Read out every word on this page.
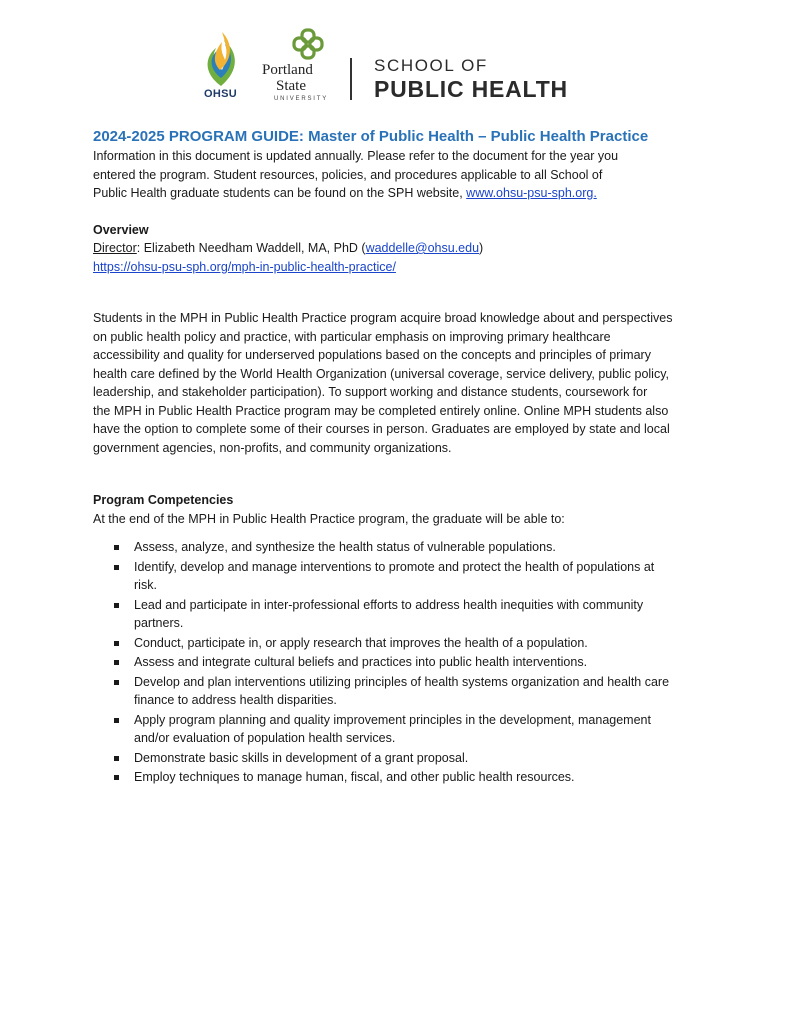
OHSU
Portland
State
UNIVERSITY
SCHOOL OF
PUBLIC HEALTH

2024-2025 PROGRAM GUIDE: Master of Public Health – Public Health Practice

Information in this document is updated annually. Please refer to the document for the year you

entered the program. Student resources, policies, and procedures applicable to all School of

Public Health graduate students can be found on the SPH website, www.ohsu-psu-sph.org.

Overview

Director: Elizabeth Needham Waddell, MA, PhD (waddelle@ohsu.edu)

https://ohsu-psu-sph.org/mph-in-public-health-practice/

Students in the MPH in Public Health Practice program acquire broad knowledge about and perspectives

on public health policy and practice, with particular emphasis on improving primary healthcare

accessibility and quality for underserved populations based on the concepts and principles of primary

health care defined by the World Health Organization (universal coverage, service delivery, public policy,

leadership, and stakeholder participation). To support working and distance students, coursework for

the MPH in Public Health Practice program may be completed entirely online. Online MPH students also

have the option to complete some of their courses in person. Graduates are employed by state and local

government agencies, non-profits, and community organizations.

Program Competencies

At the end of the MPH in Public Health Practice program, the graduate will be able to:

Assess, analyze, and synthesize the health status of vulnerable populations.
Identify, develop and manage interventions to promote and protect the health of populations at
risk.
Lead and participate in inter-professional efforts to address health inequities with community
partners.
Conduct, participate in, or apply research that improves the health of a population.
Assess and integrate cultural beliefs and practices into public health interventions.
Develop and plan interventions utilizing principles of health systems organization and health care
finance to address health disparities.
Apply program planning and quality improvement principles in the development, management
and/or evaluation of population health services.
Demonstrate basic skills in development of a grant proposal.
Employ techniques to manage human, fiscal, and other public health resources.
